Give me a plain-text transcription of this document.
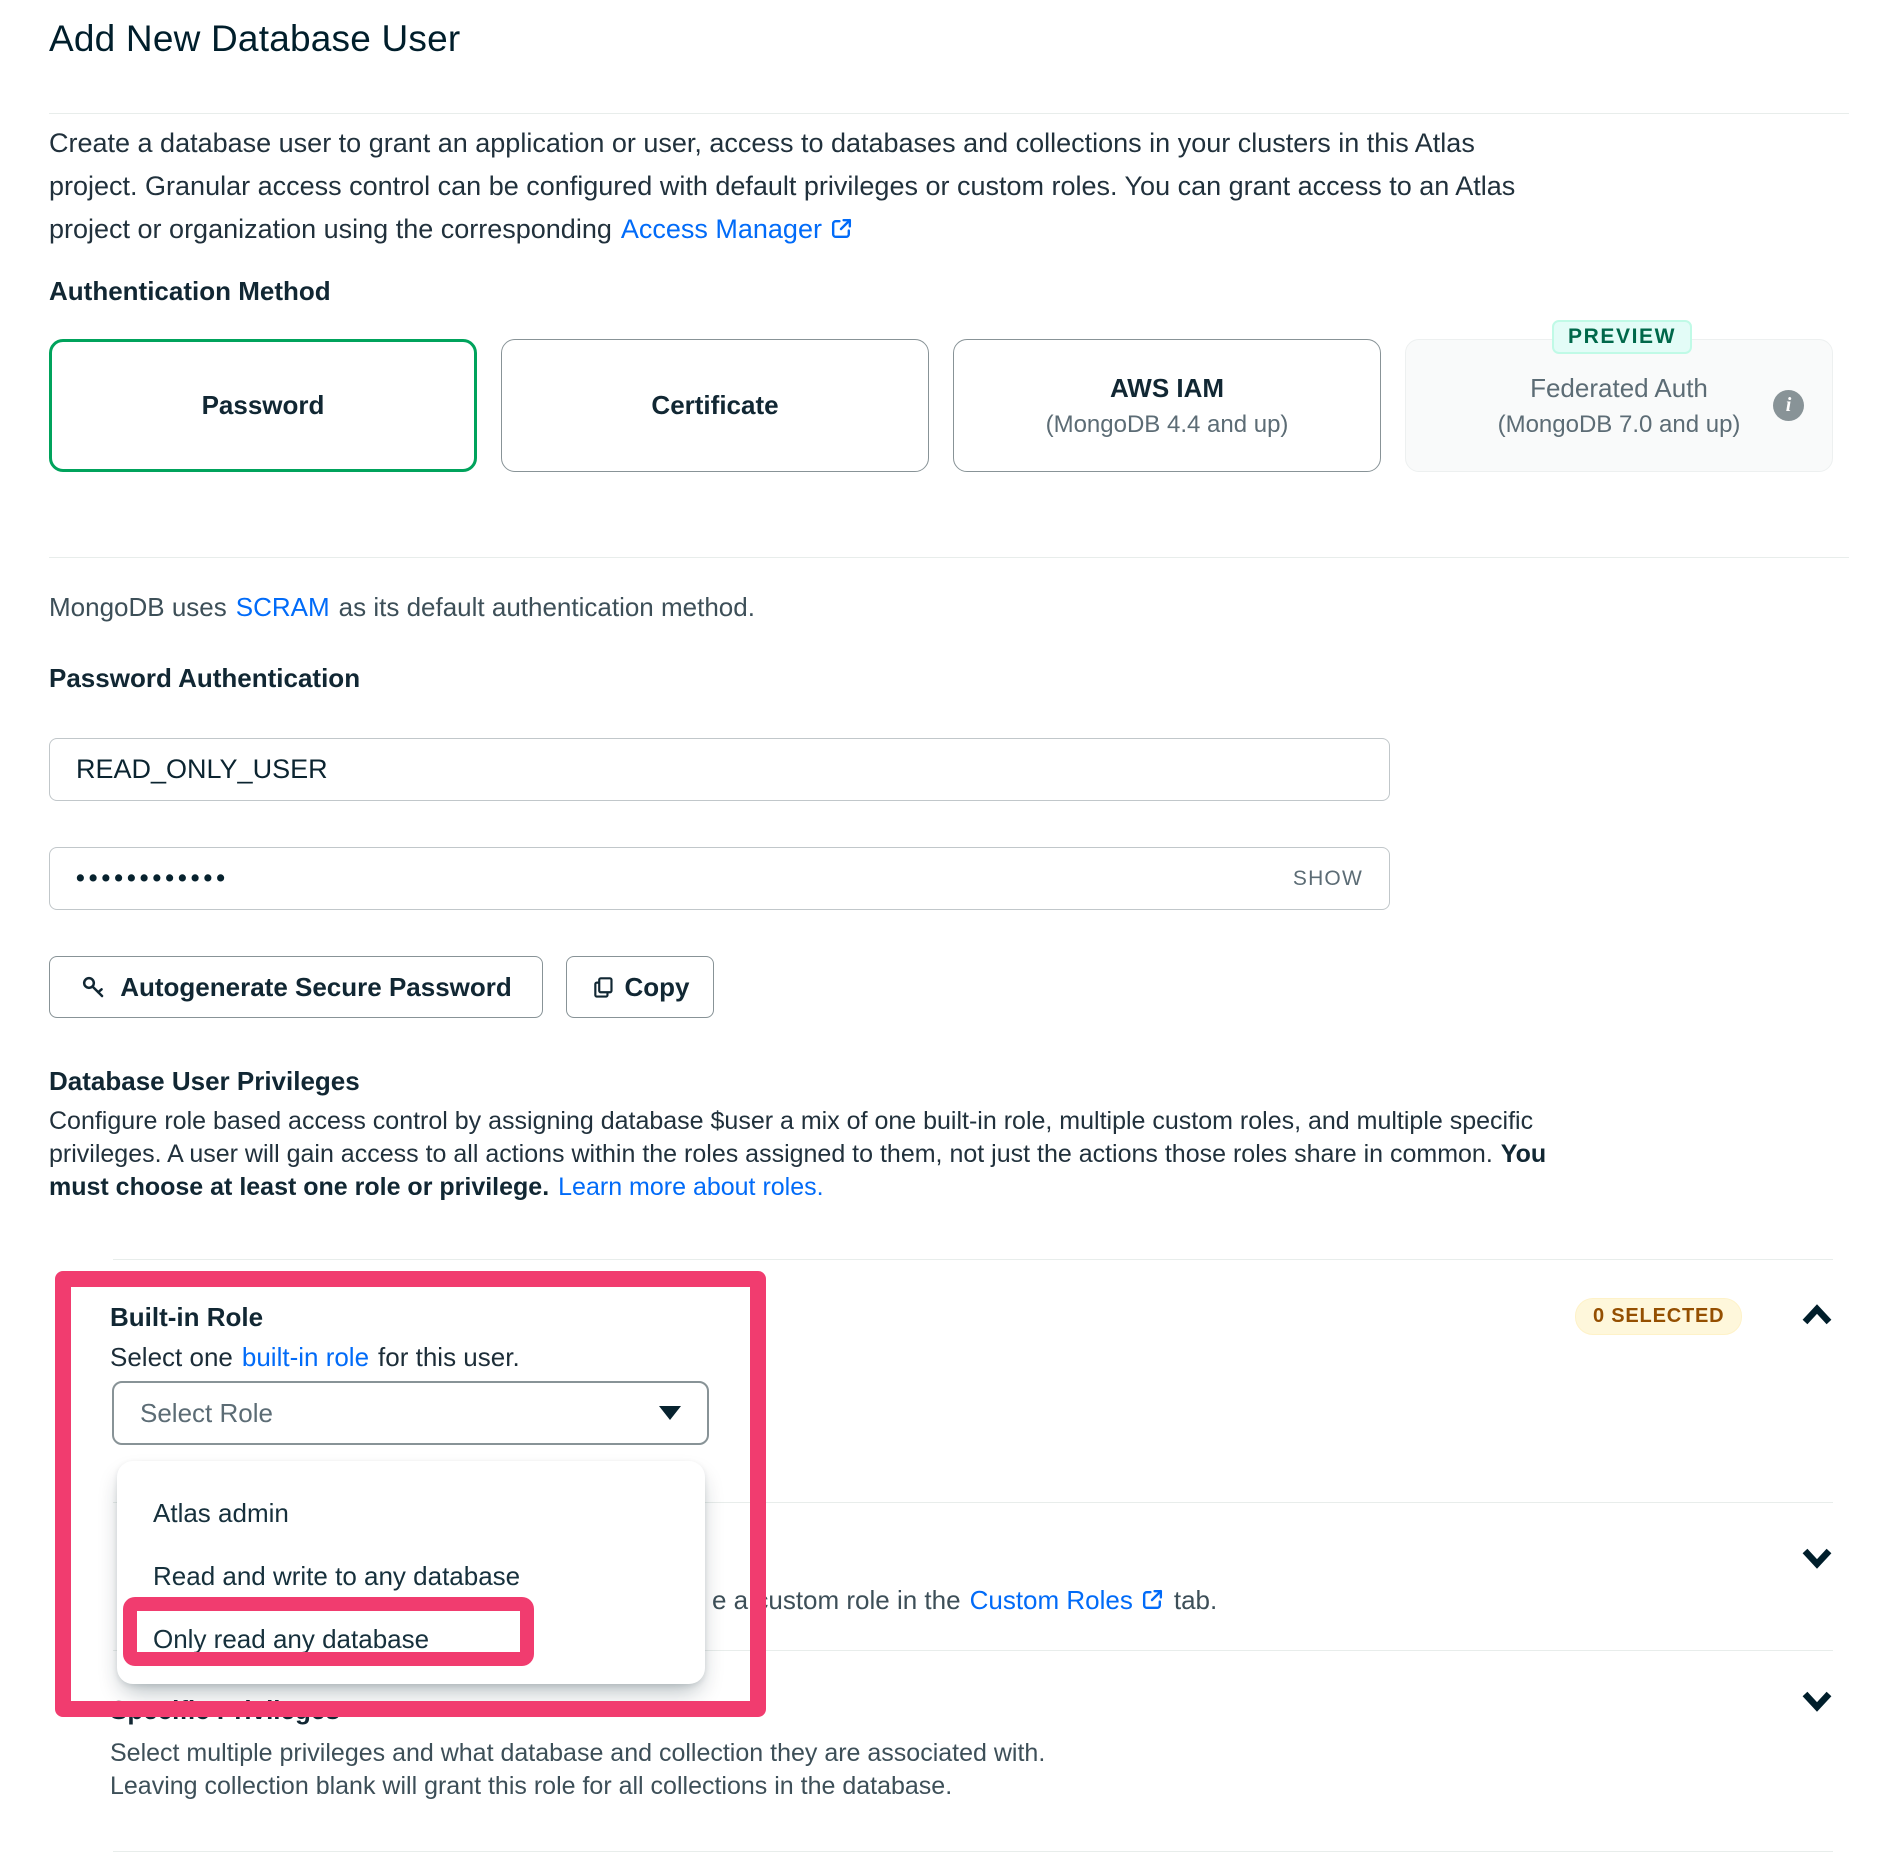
Add New Database User
Create a database user to grant an application or user, access to databases and collections in your clusters in this Atlas
project. Granular access control can be configured with default privileges or custom roles. You can grant access to an Atlas
project or organization using the corresponding Access Manager
Authentication Method
Password	Certificate
AWS IAM
(MongoDB 4.4 and up)
Federated Auth
(MongoDB 7.0 and up)
i
PREVIEW
MongoDB uses SCRAM as its default authentication method.
Password Authentication
READ_ONLY_USER
••••••••••••	SHOW
Autogenerate Secure Password	Copy
Database User Privileges
Configure role based access control by assigning database $user a mix of one built-in role, multiple custom roles, and multiple specific
privileges. A user will gain access to all actions within the roles assigned to them, not just the actions those roles share in common. You
must choose at least one role or privilege. Learn more about roles.
Built-in Role	0 SELECTED
Select one built-in role for this user.
Select Role
e a custom role in the Custom Roles tab.
Atlas admin
Read and write to any database
Only read any database
Specific Privileges
Select multiple privileges and what database and collection they are associated with.
Leaving collection blank will grant this role for all collections in the database.
